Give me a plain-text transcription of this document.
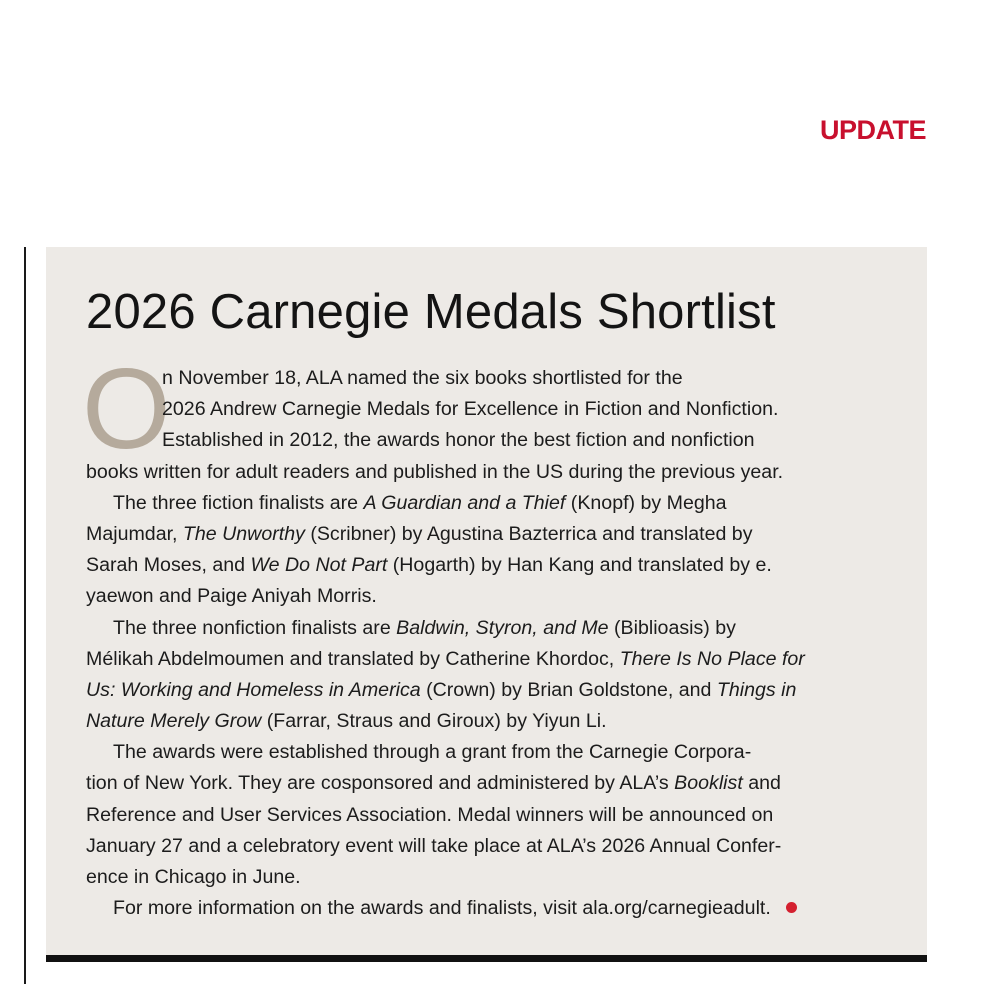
UPDATE
2026 Carnegie Medals Shortlist
O
n November 18, ALA named the six books shortlisted for the
2026 Andrew Carnegie Medals for Excellence in Fiction and Nonfiction.
Established in 2012, the awards honor the best fiction and nonfiction
books written for adult readers and published in the US during the previous year.
The three fiction finalists are A Guardian and a Thief (Knopf) by Megha
Majumdar, The Unworthy (Scribner) by Agustina Bazterrica and translated by
Sarah Moses, and We Do Not Part (Hogarth) by Han Kang and translated by e.
yaewon and Paige Aniyah Morris.
The three nonfiction finalists are Baldwin, Styron, and Me (Biblioasis) by
Mélikah Abdelmoumen and translated by Catherine Khordoc, There Is No Place for
Us: Working and Homeless in America (Crown) by Brian Goldstone, and Things in
Nature Merely Grow (Farrar, Straus and Giroux) by Yiyun Li.
The awards were established through a grant from the Carnegie Corpora-
tion of New York. They are cosponsored and administered by ALA’s Booklist and
Reference and User Services Association. Medal winners will be announced on
January 27 and a celebratory event will take place at ALA’s 2026 Annual Confer-
ence in Chicago in June.
For more information on the awards and finalists, visit ala.org/carnegieadult.
